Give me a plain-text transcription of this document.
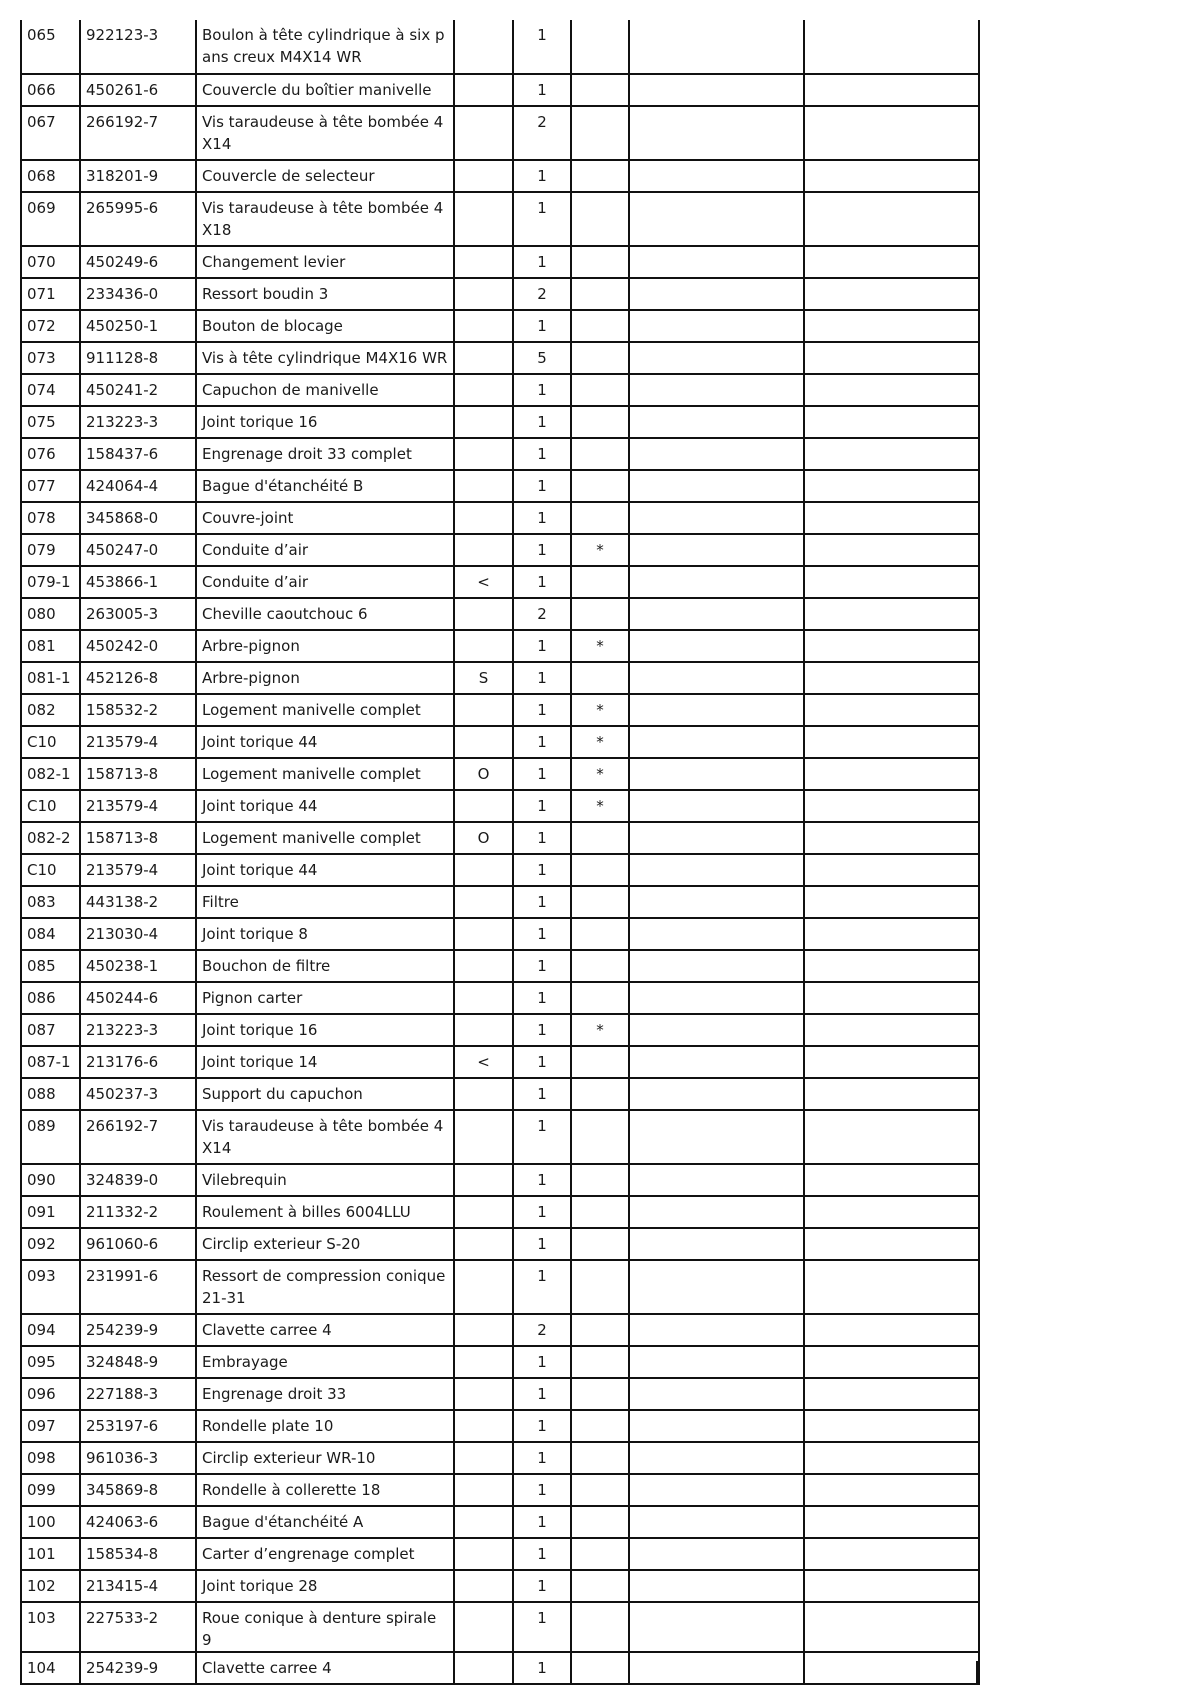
065	922123-3	Boulon à tête cylindrique à six pans creux M4X14 WR		1			
066	450261-6	Couvercle du boîtier manivelle		1			
067	266192-7	Vis taraudeuse à tête bombée 4X14		2			
068	318201-9	Couvercle de selecteur		1			
069	265995-6	Vis taraudeuse à tête bombée 4X18		1			
070	450249-6	Changement levier		1			
071	233436-0	Ressort boudin 3		2			
072	450250-1	Bouton de blocage		1			
073	911128-8	Vis à tête cylindrique M4X16 WR		5			
074	450241-2	Capuchon de manivelle		1			
075	213223-3	Joint torique 16		1			
076	158437-6	Engrenage droit 33 complet		1			
077	424064-4	Bague d'étanchéité B		1			
078	345868-0	Couvre-joint		1			
079	450247-0	Conduite d’air		1	*		
079-1	453866-1	Conduite d’air	<	1			
080	263005-3	Cheville caoutchouc 6		2			
081	450242-0	Arbre-pignon		1	*		
081-1	452126-8	Arbre-pignon	S	1			
082	158532-2	Logement manivelle complet		1	*		
C10	213579-4	Joint torique 44		1	*		
082-1	158713-8	Logement manivelle complet	O	1	*		
C10	213579-4	Joint torique 44		1	*		
082-2	158713-8	Logement manivelle complet	O	1			
C10	213579-4	Joint torique 44		1			
083	443138-2	Filtre		1			
084	213030-4	Joint torique 8		1			
085	450238-1	Bouchon de filtre		1			
086	450244-6	Pignon carter		1			
087	213223-3	Joint torique 16		1	*		
087-1	213176-6	Joint torique 14	<	1			
088	450237-3	Support du capuchon		1			
089	266192-7	Vis taraudeuse à tête bombée 4X14		1			
090	324839-0	Vilebrequin		1			
091	211332-2	Roulement à billes 6004LLU		1			
092	961060-6	Circlip exterieur S-20		1			
093	231991-6	Ressort de compression conique 21-31		1			
094	254239-9	Clavette carree 4		2			
095	324848-9	Embrayage		1			
096	227188-3	Engrenage droit 33		1			
097	253197-6	Rondelle plate 10		1			
098	961036-3	Circlip exterieur WR-10		1			
099	345869-8	Rondelle à collerette 18		1			
100	424063-6	Bague d'étanchéité A		1			
101	158534-8	Carter d’engrenage complet		1			
102	213415-4	Joint torique 28		1			
103	227533-2	Roue conique à denture spirale 9		1			
104	254239-9	Clavette carree 4		1			
